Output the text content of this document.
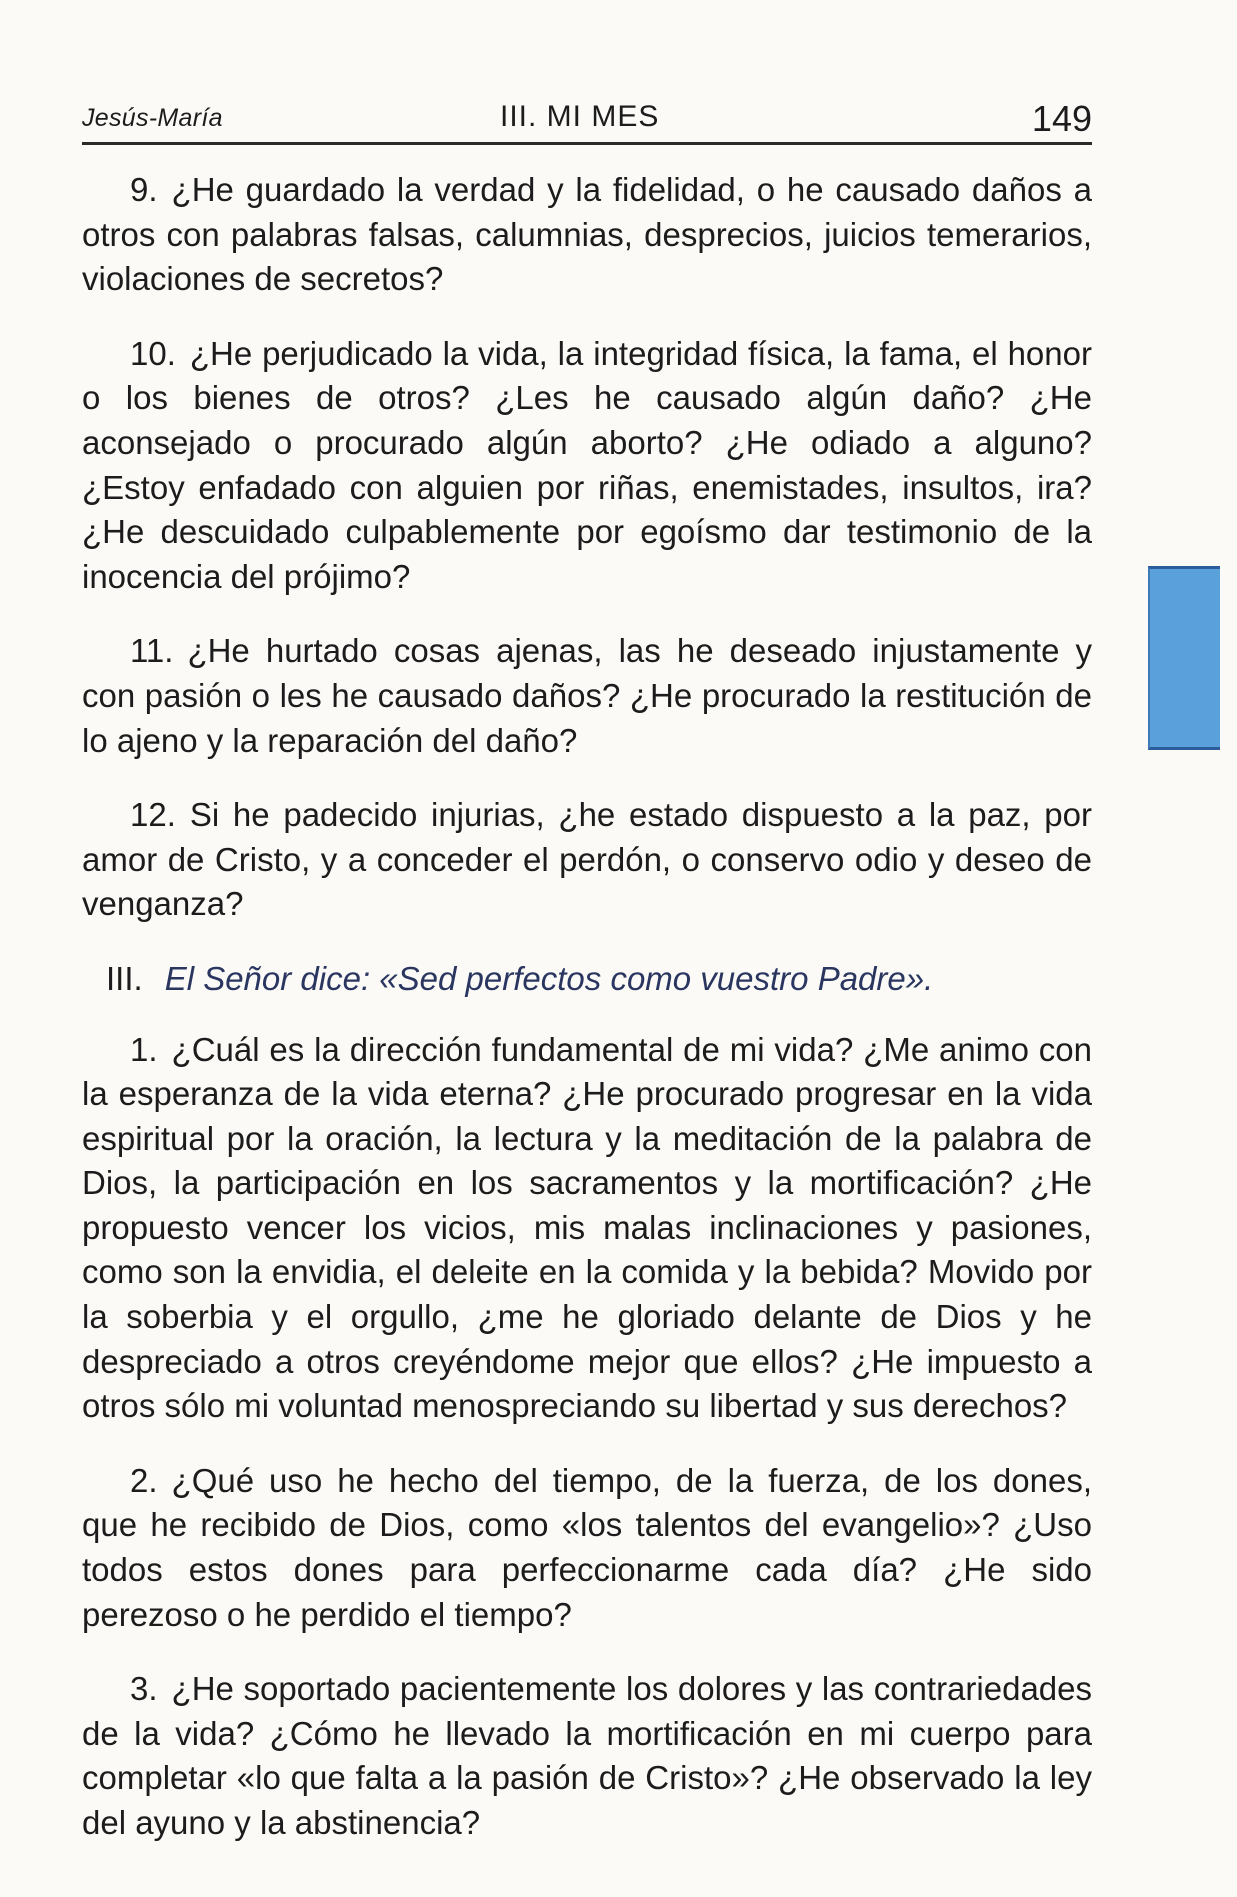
Jesús-María	III. MI MES	149

9. ¿He guardado la verdad y la fidelidad, o he causado daños a otros con palabras falsas, calumnias, desprecios, juicios temerarios, violaciones de secretos?

10. ¿He perjudicado la vida, la integridad física, la fama, el honor o los bienes de otros? ¿Les he causado algún daño? ¿He aconsejado o procurado algún aborto? ¿He odiado a alguno? ¿Estoy enfadado con alguien por riñas, enemistades, insultos, ira? ¿He descuidado culpablemente por egoísmo dar testimonio de la inocencia del prójimo?

11. ¿He hurtado cosas ajenas, las he deseado injustamente y con pasión o les he causado daños? ¿He procurado la restitución de lo ajeno y la reparación del daño?

12. Si he padecido injurias, ¿he estado dispuesto a la paz, por amor de Cristo, y a conceder el perdón, o conservo odio y deseo de venganza?

III. El Señor dice: «Sed perfectos como vuestro Padre».

1. ¿Cuál es la dirección fundamental de mi vida? ¿Me animo con la esperanza de la vida eterna? ¿He procurado progresar en la vida espiritual por la oración, la lectura y la meditación de la palabra de Dios, la participación en los sacramentos y la mortificación? ¿He propuesto vencer los vicios, mis malas inclinaciones y pasiones, como son la envidia, el deleite en la comida y la bebida? Movido por la soberbia y el orgullo, ¿me he gloriado delante de Dios y he despreciado a otros creyéndome mejor que ellos? ¿He impuesto a otros sólo mi voluntad menospreciando su libertad y sus derechos?

2. ¿Qué uso he hecho del tiempo, de la fuerza, de los dones, que he recibido de Dios, como «los talentos del evangelio»? ¿Uso todos estos dones para perfeccionarme cada día? ¿He sido perezoso o he perdido el tiempo?

3. ¿He soportado pacientemente los dolores y las contrariedades de la vida? ¿Cómo he llevado la mortificación en mi cuerpo para completar «lo que falta a la pasión de Cristo»? ¿He observado la ley del ayuno y la abstinencia?
